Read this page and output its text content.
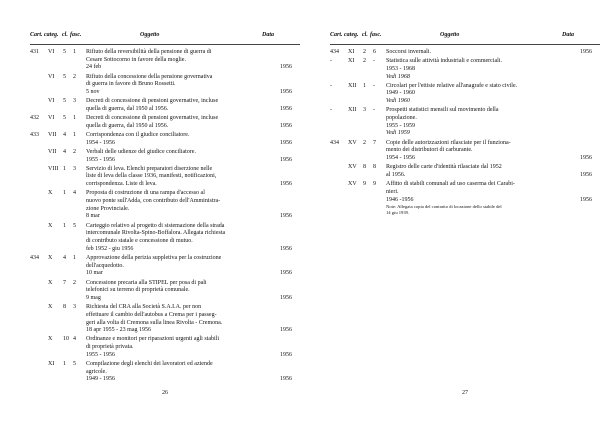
Cart. categ. cl. fasc.	Oggetto	Data
431 VI 5 1 Rifiuto della reversibilità della pensione di guerra di
Cesare Sottocorno in favore della moglie.
24 feb	1956
VI 5 2 Rifiuto della concessione della pensione governativa
di guerra in favore di Bruno Rossetti.
5 nov	1956
VI 5 3 Decreti di concessione di pensioni governative, incluse
quella di guerra, dal 1950 al 1956.	1956
432 VI 5 1 Decreti di concessione di pensioni governative, incluse
quella di guerra, dal 1950 al 1956.	1956
433 VII 4 1 Corrispondenza con il giudice conciliatore.
1954 - 1956	1956
VII 4 2 Verbali delle udienze del giudice conciliatore.
1955 - 1956	1956
VIII 1 3 Servizio di leva. Elenchi preparatori diserzione nelle
liste di leva della classe 1936, manifesti, notificazioni,
corrispondenza. Liste di leva.	1956
X 1 4 Proposta di costruzione di una rampa d'accesso al
nuovo ponte sull'Adda, con contributo dell'Amministra-
zione Provinciale.
8 mar	1956
X 1 5 Carteggio relativo al progetto di sistemazione della strada
intercomunale Rivolta-Spino-Boffalora. Allegata richiesta
di contributo statale e concessione di mutuo.
feb 1952 - giu 1956	1956
434 X 4 1 Approvazione della perizia suppletiva per la costruzione
dell'acquedotto.
10 mar	1956
X 7 2 Concessione precaria alla STIPEL per posa di pali
telefonici su terreno di proprietà comunale.
9 mag	1956
X 8 3 Richiesta del CRA alla Società S.A.I.A. per non
effettuare il cambio dell'autobus a Crema per i passeg-
geri alla volta di Cremona sulla linea Rivolta - Cremona.
18 apr 1955 - 23 mag 1956	1956
X 10 4 Ordinanze e monitori per riparazioni urgenti agli stabili
di proprietà privata.
1955 - 1956	1956
XI 1 5 Compilazione degli elenchi dei lavoratori ed aziende
agricole.
1949 - 1956	1956
26
Cart. categ. cl. fasc.	Oggetto	Data
434 XI 2 6 Soccorsi invernali.	1956
-	XI 2 - Statistica sulle attività industriali e commerciali.
1953 - 1968
Vedi 1968
-	XII 1 - Circolari per l'ettisie relative all'anagrafe e stato civile.
1949 - 1960
Vedi 1960
-	XII 3 - Prospetti statistici mensili sul movimento della
popolazione.
1955 - 1959
Vedi 1959
434 XV 2 7 Copie delle autorizzazioni rilasciate per il funziona-
mento dei distributori di carburante.
1954 - 1956	1956
XV 8 8 Registro delle carte d'identità rilasciate dal 1952
al 1956.	1956
XV 9 9 Affitto di stabili comunali ad uso caserma dei Carabi-
nieri.
1946 -1956
Note: Allegata copia del contratto di locazione dello stabile del
14 giu 1939.
1956
27
